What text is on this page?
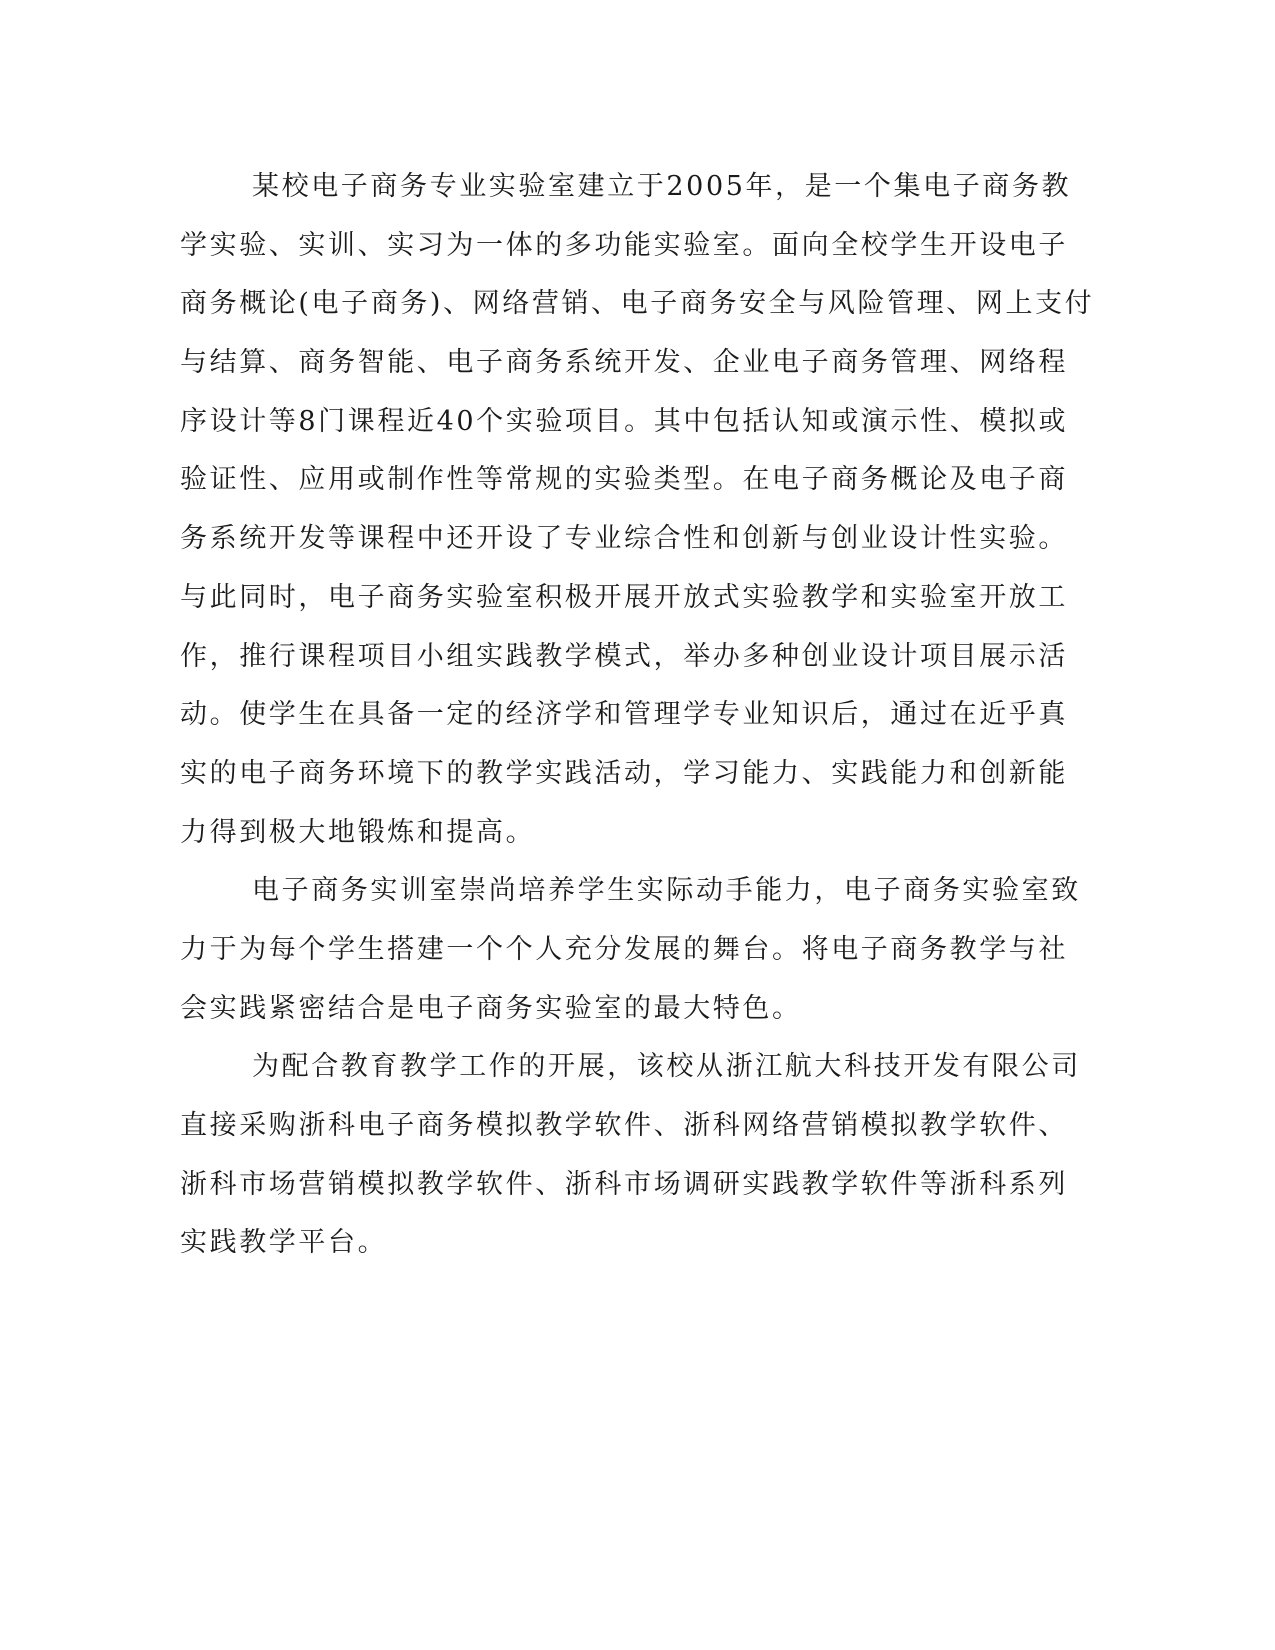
某校电子商务专业实验室建立于2005年，是一个集电子商务教
学实验、实训、实习为一体的多功能实验室。面向全校学生开设电子
商务概论(电子商务)、网络营销、电子商务安全与风险管理、网上支付
与结算、商务智能、电子商务系统开发、企业电子商务管理、网络程
序设计等8门课程近40个实验项目。其中包括认知或演示性、模拟或
验证性、应用或制作性等常规的实验类型。在电子商务概论及电子商
务系统开发等课程中还开设了专业综合性和创新与创业设计性实验。
与此同时，电子商务实验室积极开展开放式实验教学和实验室开放工
作，推行课程项目小组实践教学模式，举办多种创业设计项目展示活
动。使学生在具备一定的经济学和管理学专业知识后，通过在近乎真
实的电子商务环境下的教学实践活动，学习能力、实践能力和创新能
力得到极大地锻炼和提高。
电子商务实训室崇尚培养学生实际动手能力，电子商务实验室致
力于为每个学生搭建一个个人充分发展的舞台。将电子商务教学与社
会实践紧密结合是电子商务实验室的最大特色。
为配合教育教学工作的开展，该校从浙江航大科技开发有限公司
直接采购浙科电子商务模拟教学软件、浙科网络营销模拟教学软件、
浙科市场营销模拟教学软件、浙科市场调研实践教学软件等浙科系列
实践教学平台。
